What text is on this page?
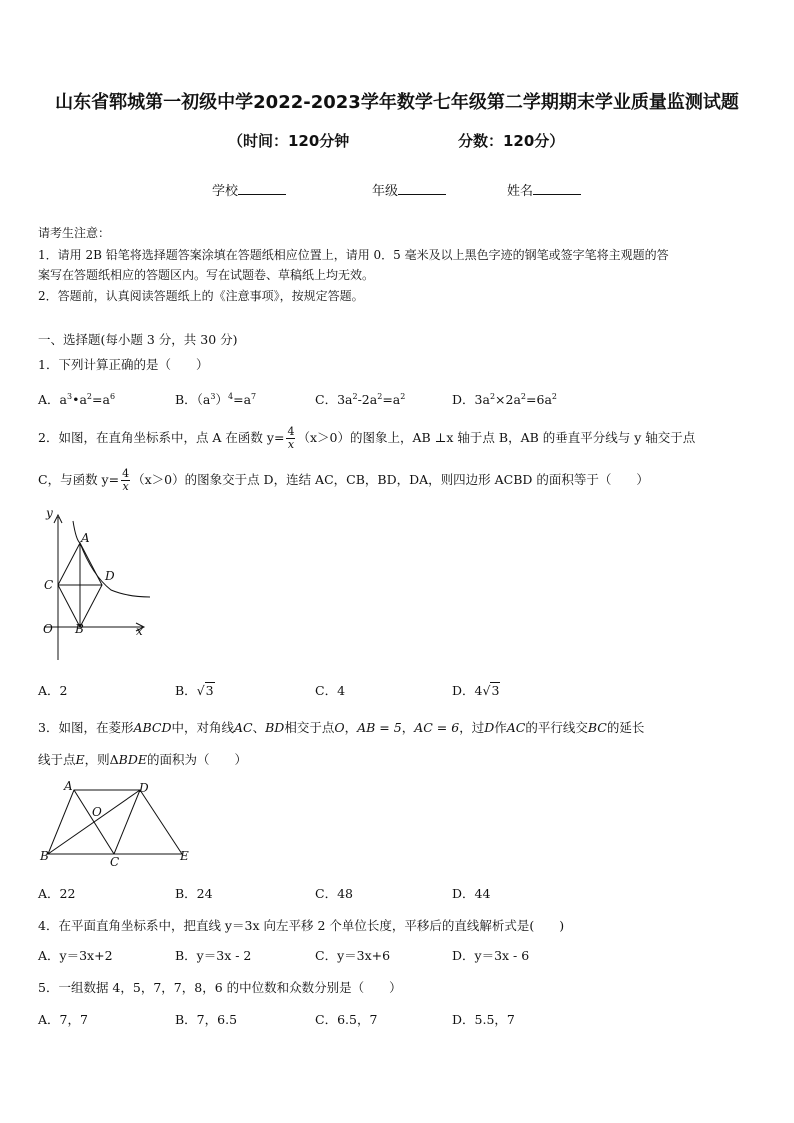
山东省郓城第一初级中学2022-2023学年数学七年级第二学期期末学业质量监测试题
（时间：120分钟	分数：120分）
学校	年级	姓名
请考生注意：
1．请用 2B 铅笔将选择题答案涂填在答题纸相应位置上，请用 0．5 毫米及以上黑色字迹的钢笔或签字笔将主观题的答
案写在答题纸相应的答题区内。写在试题卷、草稿纸上均无效。
2．答题前，认真阅读答题纸上的《注意事项》，按规定答题。
一、选择题(每小题 3 分，共 30 分)
1．下列计算正确的是（　　）
A．$a^3•a^2=a^6$	B．$(a^3)^4=a^7$	C．$3a^2-2a^2=a^2$	D．$3a^2\times 2a^2=6a^2$
2．如图，在直角坐标系中，点 A 在函数 $y= \frac{4}{x} (x>0)$的图象上，AB ⊥x 轴于点 B，AB 的垂直平分线与 y 轴交于点
C，与函数 $y= \frac{4}{x} (x>0)$的图象交于点 D，连结 AC，CB，BD，DA，则四边形 ACBD 的面积等于（　　）
y
A
C
D
O B	x
A．2	B．√3	C．4	D．4√3
3．如图，在菱形ABCD中，对角线AC、BD相交于点O，AB = 5，AC = 6，过D作AC的平行线交BC的延长
线于点E，则ΔBDE的面积为（　　）
A	D
O
B	C	E
A．22	B．24	C．48	D．44
4．在平面直角坐标系中，把直线 y＝3x 向左平移 2 个单位长度，平移后的直线解析式是(　　)
A．y＝3x+2	B．y＝3x - 2	C．y＝3x+6	D．y＝3x - 6
5．一组数据 4，5，7，7，8，6 的中位数和众数分别是（　　）
A．7，7	B．7，6.5	C．6.5，7	D．5.5，7
